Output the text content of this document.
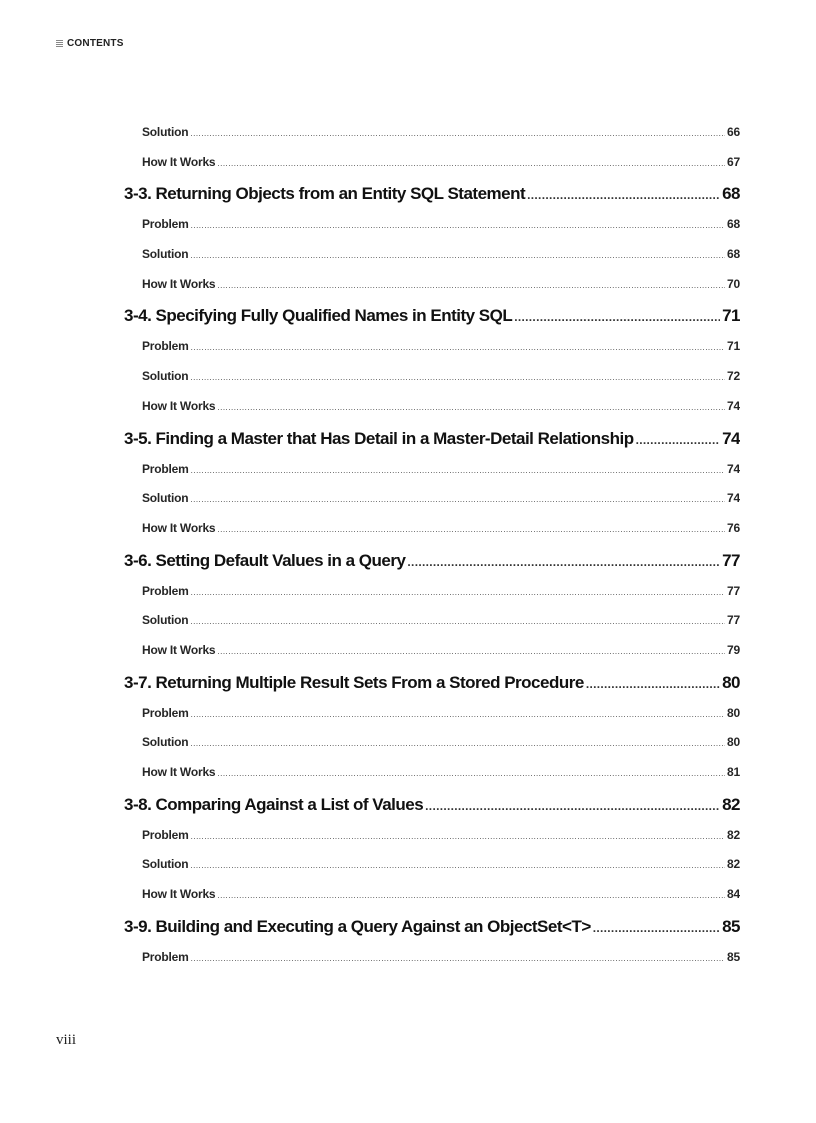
CONTENTS
Solution .....	66
How It Works .....	67
3-3. Returning Objects from an Entity SQL Statement .....	68
Problem .....	68
Solution .....	68
How It Works .....	70
3-4. Specifying Fully Qualified Names in Entity SQL .....	71
Problem .....	71
Solution .....	72
How It Works .....	74
3-5. Finding a Master that Has Detail in a Master-Detail Relationship .....	74
Problem .....	74
Solution .....	74
How It Works .....	76
3-6. Setting Default Values in a Query .....	77
Problem .....	77
Solution .....	77
How It Works .....	79
3-7. Returning Multiple Result Sets From a Stored Procedure .....	80
Problem .....	80
Solution .....	80
How It Works .....	81
3-8. Comparing Against a List of Values .....	82
Problem .....	82
Solution .....	82
How It Works .....	84
3-9. Building and Executing a Query Against an ObjectSet<T> .....	85
Problem .....	85
viii
